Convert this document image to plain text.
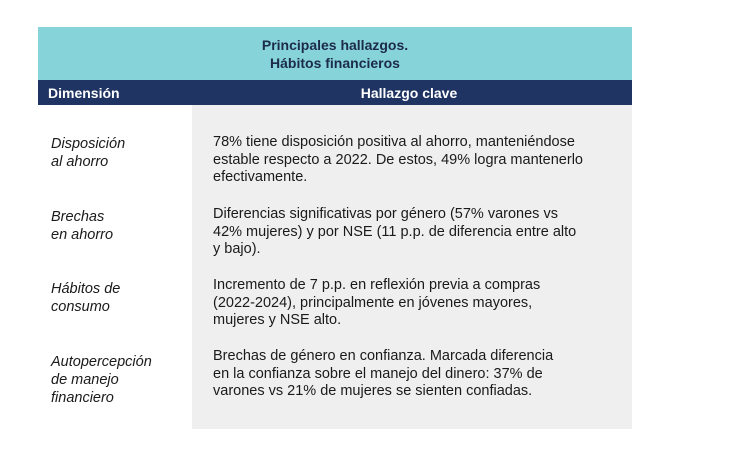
Principales hallazgos.
Hábitos financieros
Dimensión	Hallazgo clave
Disposición
al ahorro
Brechas
en ahorro
Hábitos de
consumo
Autopercepción
de manejo
financiero
78% tiene disposición positiva al ahorro, manteniéndose
estable respecto a 2022. De estos, 49% logra mantenerlo
efectivamente.
Diferencias significativas por género (57% varones vs
42% mujeres) y por NSE (11 p.p. de diferencia entre alto
y bajo).
Incremento de 7 p.p. en reflexión previa a compras
(2022-2024), principalmente en jóvenes mayores,
mujeres y NSE alto.
Brechas de género en confianza. Marcada diferencia
en la confianza sobre el manejo del dinero: 37% de
varones vs 21% de mujeres se sienten confiadas.
